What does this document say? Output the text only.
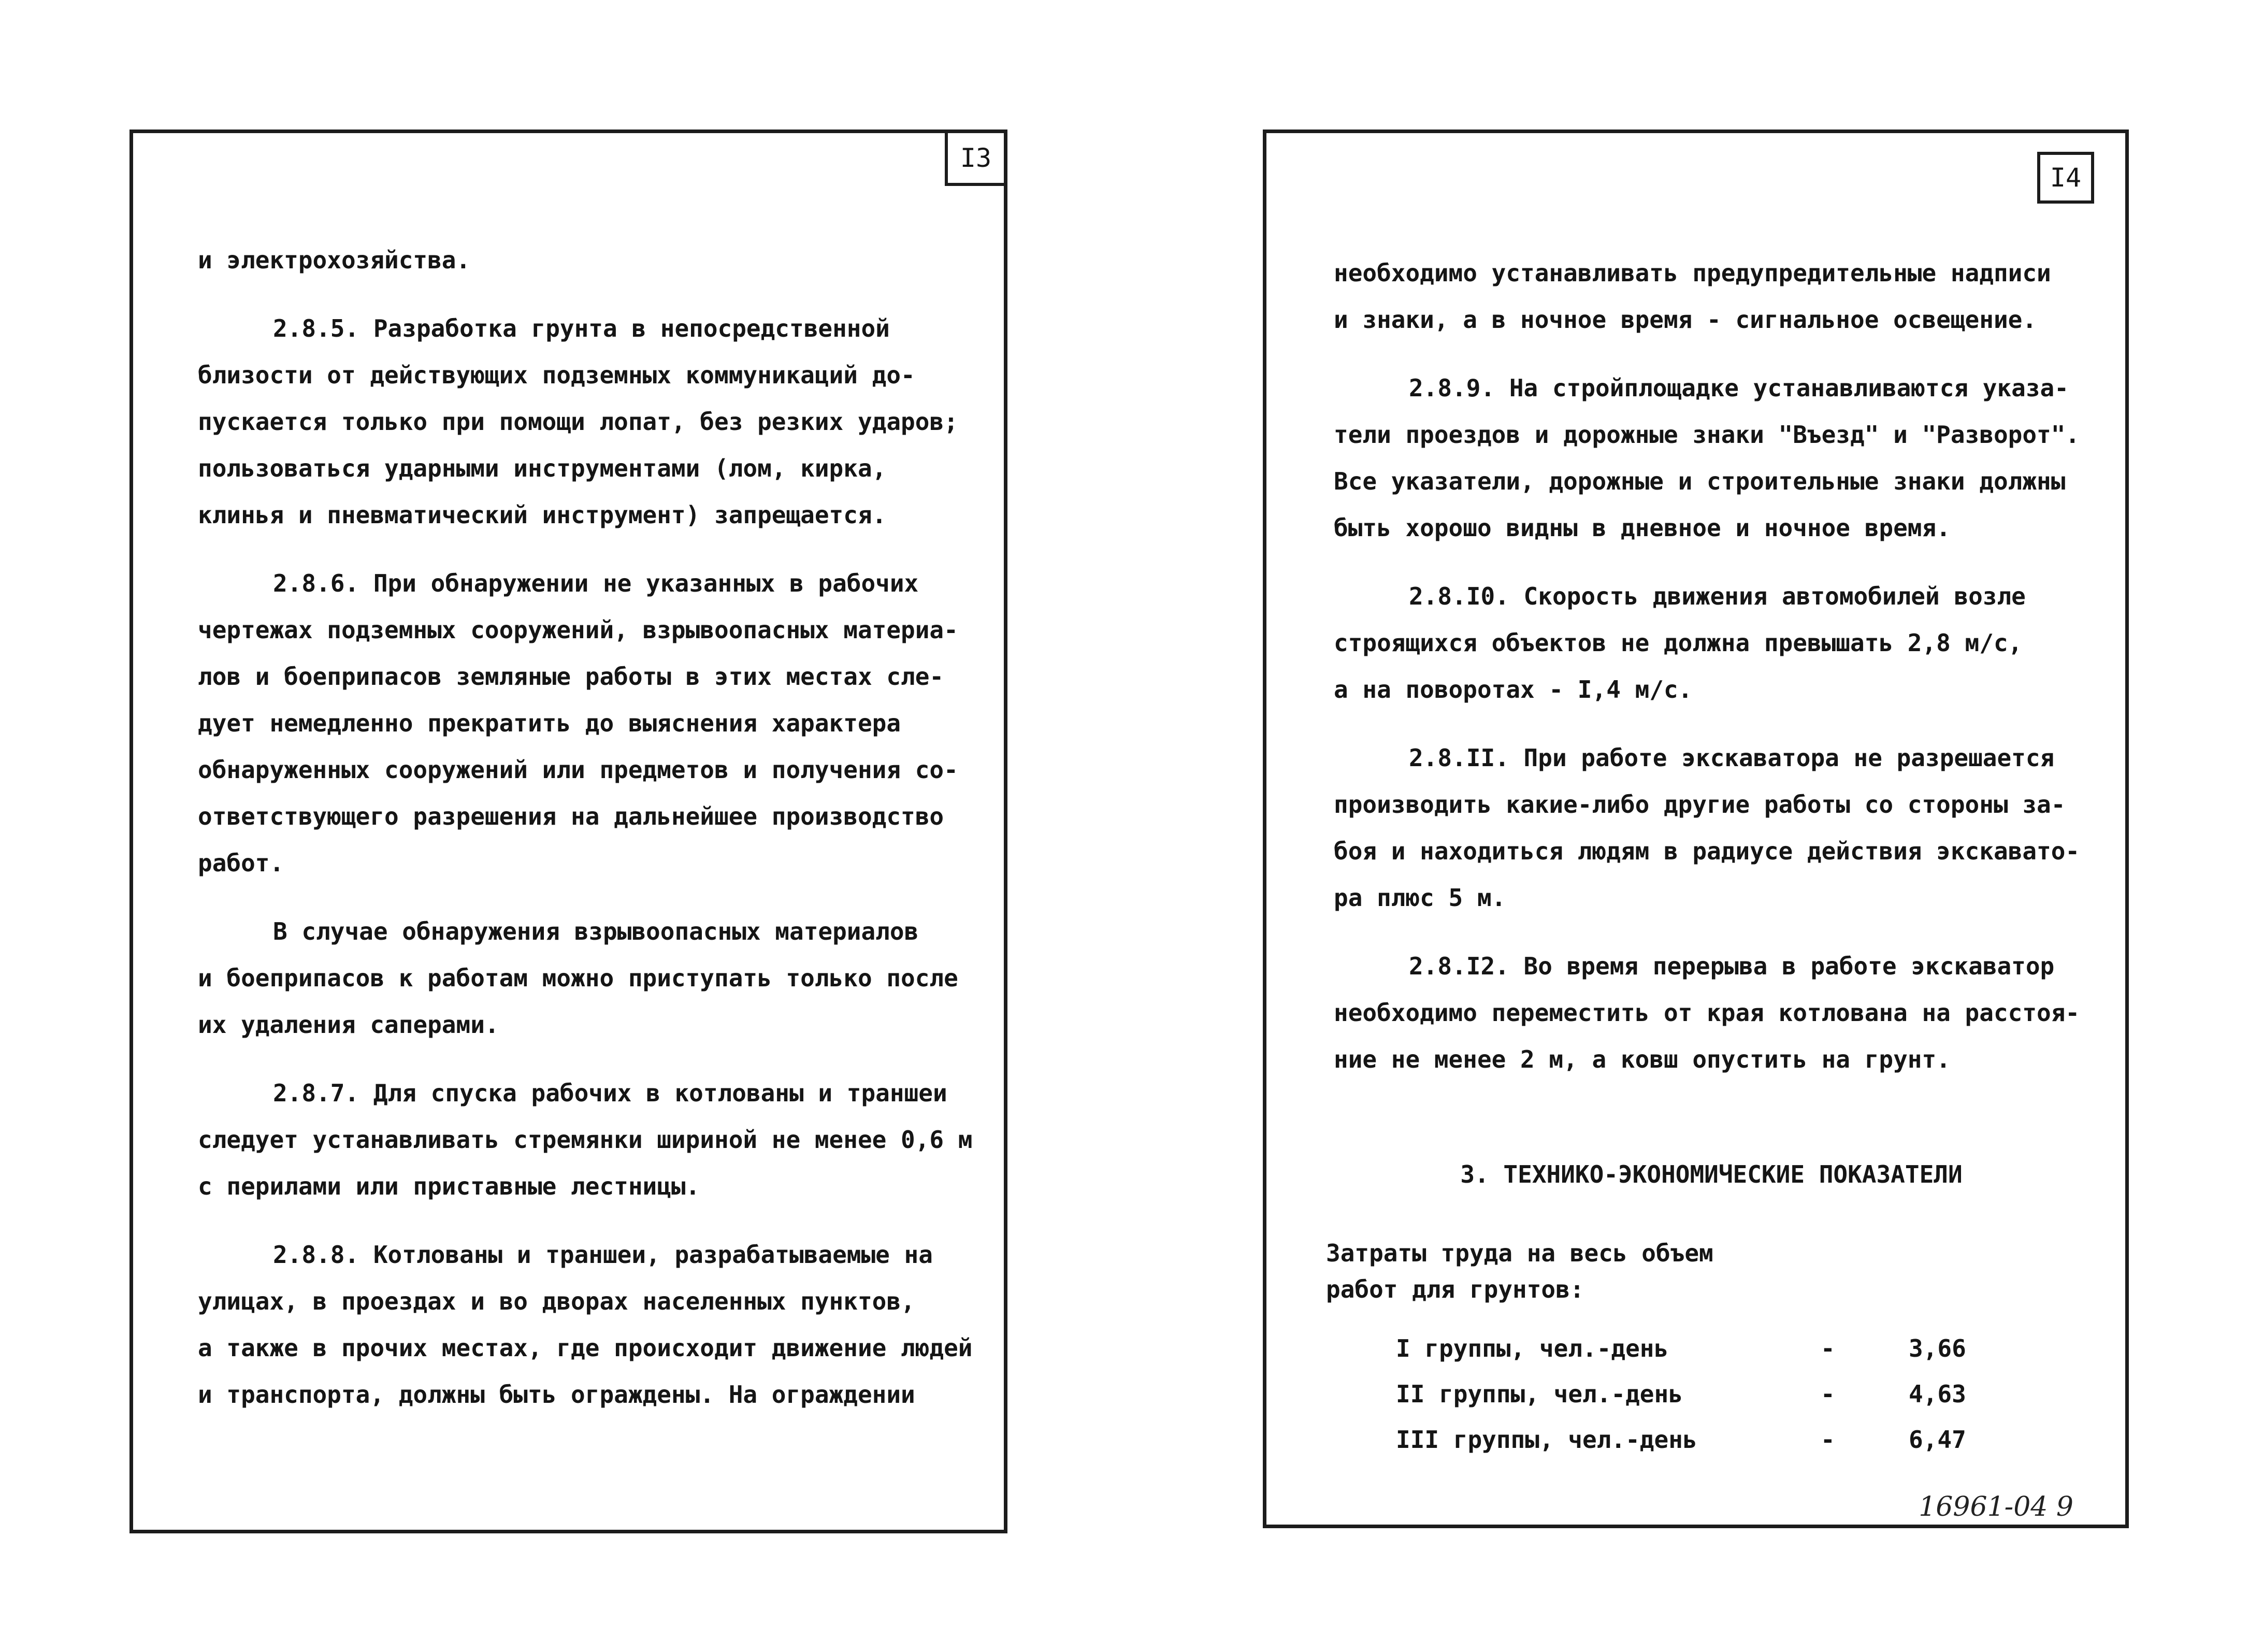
I3
и электрохозяйства.
2.8.5. Разработка грунта в непосредственной
близости от действующих подземных коммуникаций до-
пускается только при помощи лопат, без резких ударов;
пользоваться ударными инструментами (лом, кирка,
клинья и пневматический инструмент) запрещается.
2.8.6. При обнаружении не указанных в рабочих
чертежах подземных сооружений, взрывоопасных материа-
лов и боеприпасов земляные работы в этих местах сле-
дует немедленно прекратить до выяснения характера
обнаруженных сооружений или предметов и получения со-
ответствующего разрешения на дальнейшее производство
работ.
В случае обнаружения взрывоопасных материалов
и боеприпасов к работам можно приступать только после
их удаления саперами.
2.8.7. Для спуска рабочих в котлованы и траншеи
следует устанавливать стремянки шириной не менее 0,6 м
с перилами или приставные лестницы.
2.8.8. Котлованы и траншеи, разрабатываемые на
улицах, в проездах и во дворах населенных пунктов,
а также в прочих местах, где происходит движение людей
и транспорта, должны быть ограждены. На ограждении
I4
необходимо устанавливать предупредительные надписи
и знаки, а в ночное время - сигнальное освещение.
2.8.9. На стройплощадке устанавливаются указа-
тели проездов и дорожные знаки "Въезд" и "Разворот".
Все указатели, дорожные и строительные знаки должны
быть хорошо видны в дневное и ночное время.
2.8.I0. Скорость движения автомобилей возле
строящихся объектов не должна превышать 2,8 м/с,
а на поворотах - I,4 м/с.
2.8.II. При работе экскаватора не разрешается
производить какие-либо другие работы со стороны за-
боя и находиться людям в радиусе действия экскавато-
ра плюс 5 м.
2.8.I2. Во время перерыва в работе экскаватор
необходимо переместить от края котлована на расстоя-
ние не менее 2 м, а ковш опустить на грунт.
3. ТЕХНИКО-ЭКОНОМИЧЕСКИЕ ПОКАЗАТЕЛИ
Затраты труда на весь объем
работ для грунтов:
I группы, чел.-день	-	3,66
II группы, чел.-день	-	4,63
III группы, чел.-день	-	6,47
16961-04 9
